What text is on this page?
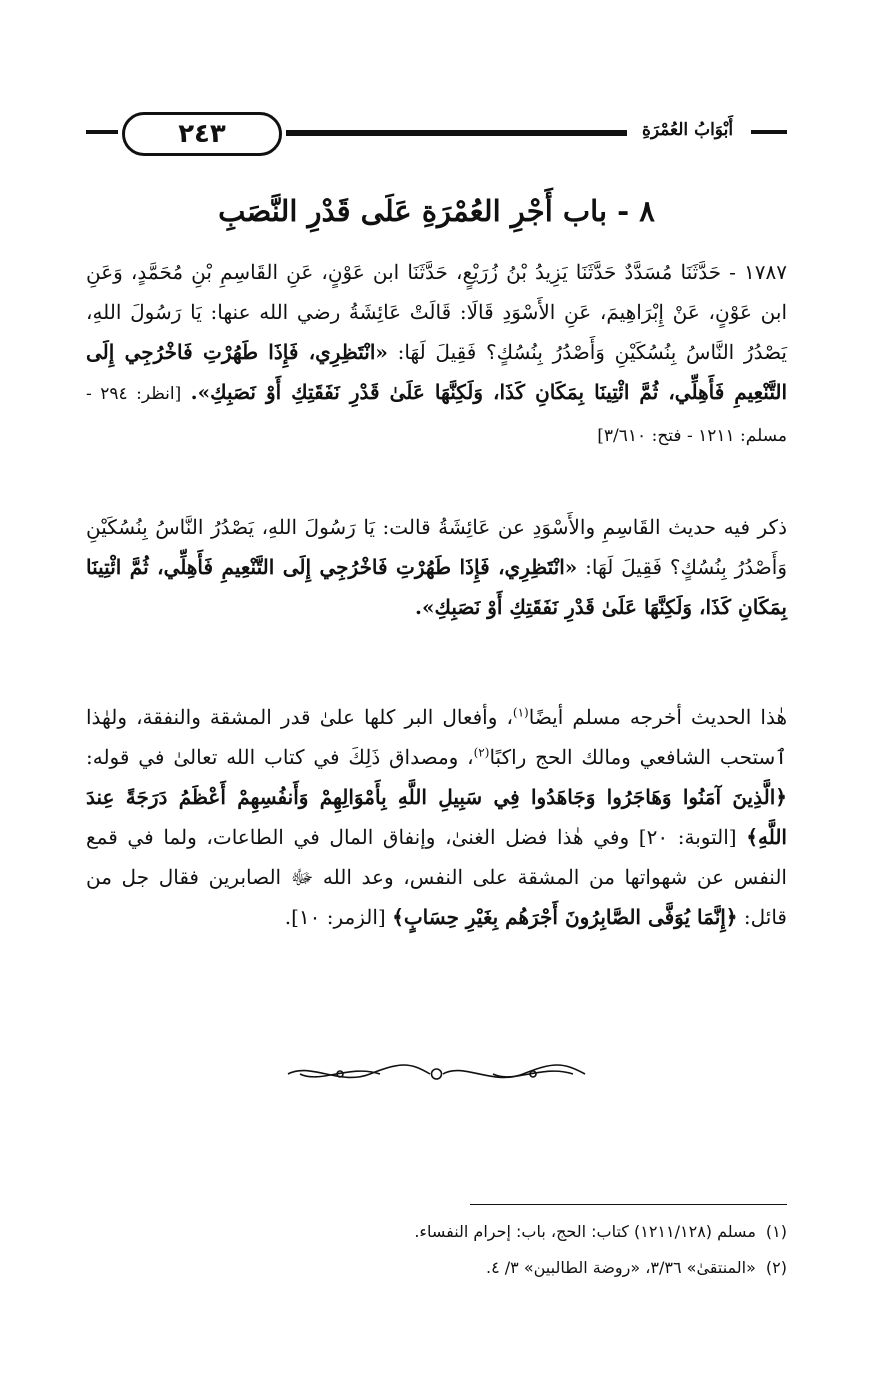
٢٤٣	أَبْوَابُ العُمْرَةِ
٨ - باب أَجْرِ العُمْرَةِ عَلَى قَدْرِ النَّصَبِ

١٧٨٧ - حَدَّثَنَا مُسَدَّدٌ حَدَّثَنَا يَزِيدُ بْنُ زُرَيْعٍ، حَدَّثَنَا ابن عَوْنٍ، عَنِ القَاسِمِ بْنِ مُحَمَّدٍ، وَعَنِ ابن عَوْنٍ، عَنْ إِبْرَاهِيمَ، عَنِ الأَسْوَدِ قَالَا: قَالَتْ عَائِشَةُ رضي الله عنها: يَا رَسُولَ اللهِ، يَصْدُرُ النَّاسُ بِنُسُكَيْنِ وَأَصْدُرُ بِنُسُكٍ؟ فَقِيلَ لَهَا: «انْتَظِرِي، فَإِذَا طَهُرْتِ فَاخْرُجِي إِلَى التَّنْعِيمِ فَأَهِلِّي، ثُمَّ ائْتِينَا بِمَكَانِ كَذَا، وَلَكِنَّهَا عَلَىٰ قَدْرِ نَفَقَتِكِ أَوْ نَصَبِكِ». [انظر: ٢٩٤ - مسلم: ١٢١١ - فتح: ٣/٦١٠]

ذكر فيه حديث القَاسِمِ والأَسْوَدِ عن عَائِشَةُ قالت: يَا رَسُولَ اللهِ، يَصْدُرُ النَّاسُ بِنُسُكَيْنِ وَأَصْدُرُ بِنُسُكٍ؟ فَقِيلَ لَهَا: «انْتَظِرِي، فَإِذَا طَهُرْتِ فَاخْرُجِي إِلَى التَّنْعِيمِ فَأَهِلِّي، ثُمَّ ائْتِينَا بِمَكَانِ كَذَا، وَلَكِنَّهَا عَلَىٰ قَدْرِ نَفَقَتِكِ أَوْ نَصَبِكِ».

هٰذا الحديث أخرجه مسلم أيضًا$^{(١)}$، وأفعال البر كلها علىٰ قدر المشقة والنفقة، ولهٰذا ٱستحب الشافعي ومالك الحج راكبًا$^{(٢)}$، ومصداق ذَلِكَ في كتاب الله تعالىٰ في قوله: ﴿الَّذِينَ آمَنُوا وَهَاجَرُوا وَجَاهَدُوا فِي سَبِيلِ اللَّهِ بِأَمْوَالِهِمْ وَأَنفُسِهِمْ أَعْظَمُ دَرَجَةً عِندَ اللَّهِ﴾ [التوبة: ٢٠] وفي هٰذا فضل الغنىٰ، وإنفاق المال في الطاعات، ولما في قمع النفس عن شهواتها من المشقة على النفس، وعد الله ﷻ الصابرين فقال جل من قائل: ﴿إِنَّمَا يُوَفَّى الصَّابِرُونَ أَجْرَهُم بِغَيْرِ حِسَابٍ﴾ [الزمر: ١٠].

(١)مسلم (١٢١١/١٢٨) كتاب: الحج، باب: إحرام النفساء.

(٢)«المنتقىٰ» ٣/٣٦، «روضة الطالبين» ٣/ ٤.
